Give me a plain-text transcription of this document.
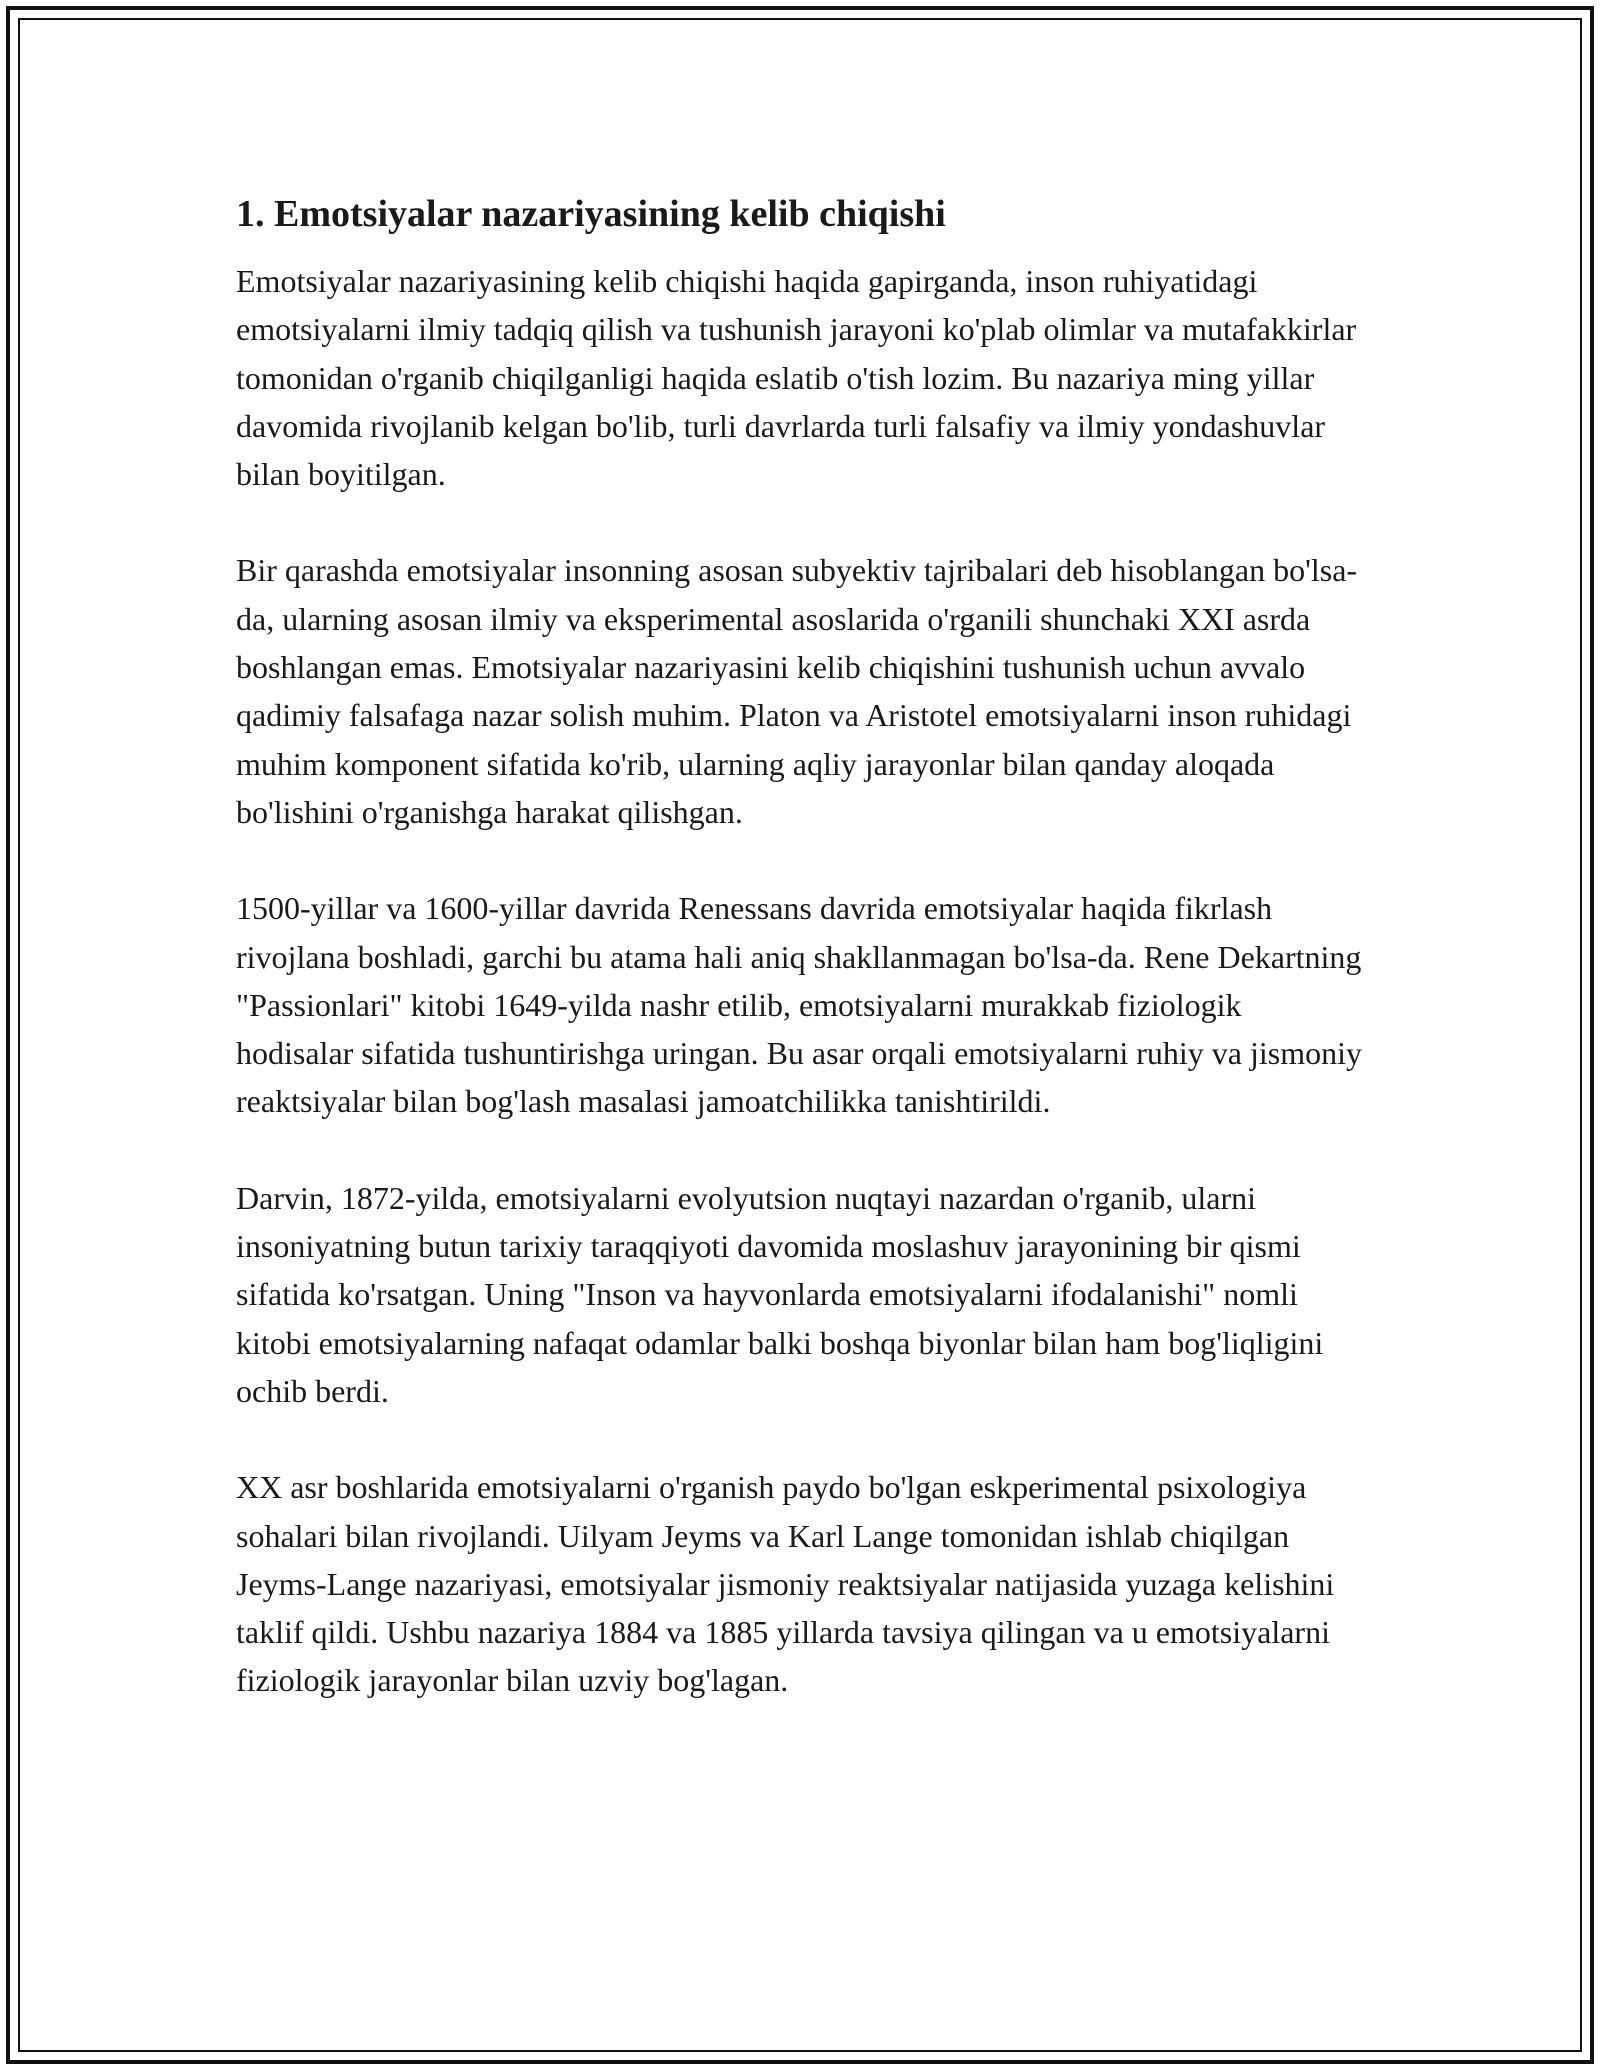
1. Emotsiyalar nazariyasining kelib chiqishi

Emotsiyalar nazariyasining kelib chiqishi haqida gapirganda, inson ruhiyatidagi emotsiyalarni ilmiy tadqiq qilish va tushunish jarayoni ko'plab olimlar va mutafakkirlar tomonidan o'rganib chiqilganligi haqida eslatib o'tish lozim. Bu nazariya ming yillar davomida rivojlanib kelgan bo'lib, turli davrlarda turli falsafiy va ilmiy yondashuvlar bilan boyitilgan.

Bir qarashda emotsiyalar insonning asosan subyektiv tajribalari deb hisoblangan bo'lsa-da, ularning asosan ilmiy va eksperimental asoslarida o'rganili shunchaki XXI asrda boshlangan emas. Emotsiyalar nazariyasini kelib chiqishini tushunish uchun avvalo qadimiy falsafaga nazar solish muhim. Platon va Aristotel emotsiyalarni inson ruhidagi muhim komponent sifatida ko'rib, ularning aqliy jarayonlar bilan qanday aloqada bo'lishini o'rganishga harakat qilishgan.

1500-yillar va 1600-yillar davrida Renessans davrida emotsiyalar haqida fikrlash rivojlana boshladi, garchi bu atama hali aniq shakllanmagan bo'lsa-da. Rene Dekartning "Passionlari" kitobi 1649-yilda nashr etilib, emotsiyalarni murakkab fiziologik hodisalar sifatida tushuntirishga uringan. Bu asar orqali emotsiyalarni ruhiy va jismoniy reaktsiyalar bilan bog'lash masalasi jamoatchilikka tanishtirildi.

Darvin, 1872-yilda, emotsiyalarni evolyutsion nuqtayi nazardan o'rganib, ularni insoniyatning butun tarixiy taraqqiyoti davomida moslashuv jarayonining bir qismi sifatida ko'rsatgan. Uning "Inson va hayvonlarda emotsiyalarni ifodalanishi" nomli kitobi emotsiyalarning nafaqat odamlar balki boshqa biyonlar bilan ham bog'liqligini ochib berdi.

XX asr boshlarida emotsiyalarni o'rganish paydo bo'lgan eskperimental psixologiya sohalari bilan rivojlandi. Uilyam Jeyms va Karl Lange tomonidan ishlab chiqilgan Jeyms-Lange nazariyasi, emotsiyalar jismoniy reaktsiyalar natijasida yuzaga kelishini taklif qildi. Ushbu nazariya 1884 va 1885 yillarda tavsiya qilingan va u emotsiyalarni fiziologik jarayonlar bilan uzviy bog'lagan.
